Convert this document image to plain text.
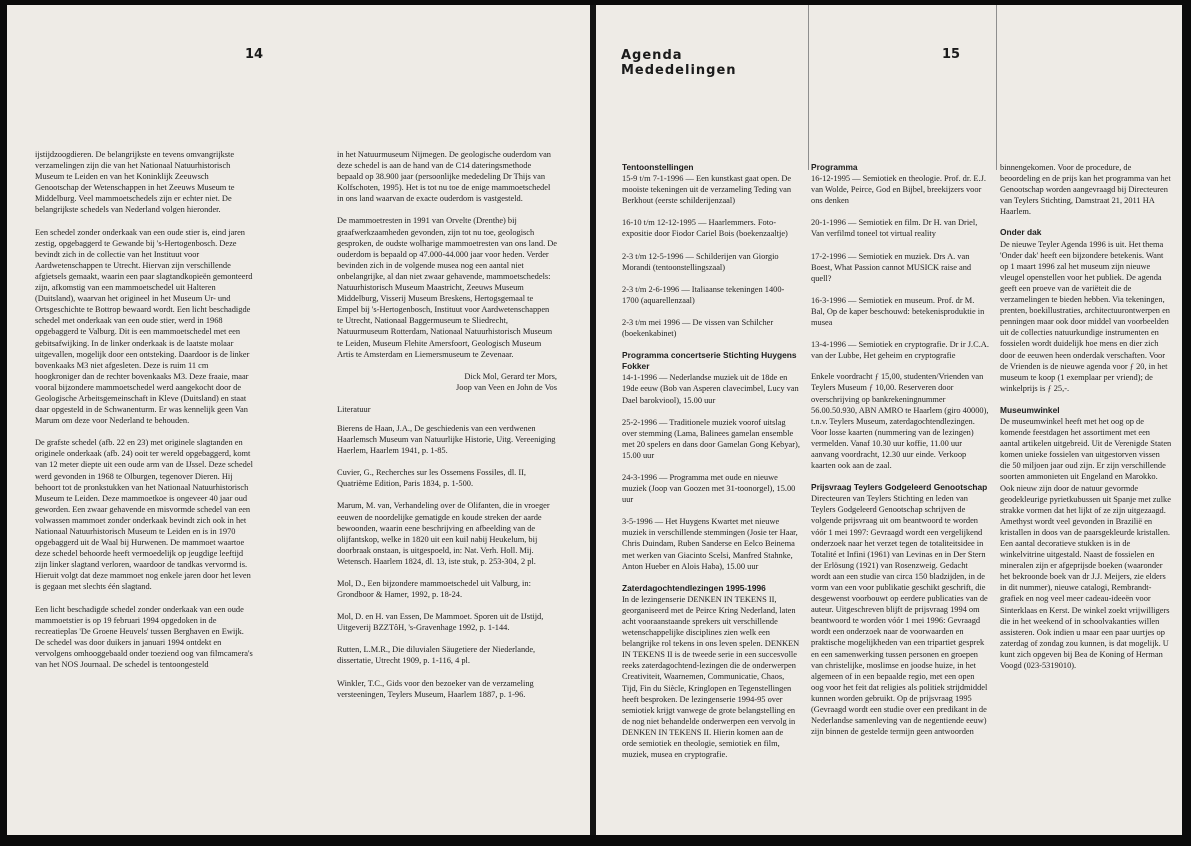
14

ijstijdzoogdieren. De belangrijkste en tevens omvangrijkste verzamelingen zijn die van het Nationaal Natuurhistorisch Museum te Leiden en van het Koninklijk Zeeuwsch Genootschap der Wetenschappen in het Zeeuws Museum te Middelburg. Veel mammoetschedels zijn er echter niet. De belangrijkste schedels van Nederland volgen hieronder.

Een schedel zonder onderkaak van een oude stier is, eind jaren zestig, opgebaggerd te Gewande bij 's-Hertogenbosch. Deze bevindt zich in de collectie van het Instituut voor Aardwetenschappen te Utrecht. Hiervan zijn verschillende afgietsels gemaakt, waarin een paar slagtandkopieën gemonteerd zijn, afkomstig van een mammoetschedel uit Halteren (Duitsland), waarvan het origineel in het Museum Ur- und Ortsgeschichte te Bottrop bewaard wordt. Een licht beschadigde schedel met onderkaak van een oude stier, werd in 1968 opgebaggerd te Valburg. Dit is een mammoetschedel met een gebitsafwijking. In de linker onderkaak is de laatste molaar uitgevallen, mogelijk door een ontsteking. Daardoor is de linker bovenkaaks M3 niet afgesleten. Deze is ruim 11 cm hoogkroniger dan de rechter bovenkaaks M3. Deze fraaie, maar vooral bijzondere mammoetschedel werd aangekocht door de Geologische Arbeitsgemeinschaft in Kleve (Duitsland) en staat daar opgesteld in de Schwanenturm. Er was kennelijk geen Van Marum om deze voor Nederland te behouden.

De grafste schedel (afb. 22 en 23) met originele slagtanden en originele onderkaak (afb. 24) ooit ter wereld opgebaggerd, komt van 12 meter diepte uit een oude arm van de IJssel. Deze schedel werd gevonden in 1968 te Olburgen, tegenover Dieren. Hij behoort tot de pronkstukken van het Nationaal Natuurhistorisch Museum te Leiden. Deze mammoetkoe is ongeveer 40 jaar oud geworden. Een zwaar gehavende en misvormde schedel van een volwassen mammoet zonder onderkaak bevindt zich ook in het Nationaal Natuurhistorisch Museum te Leiden en is in 1970 opgebaggerd uit de Waal bij Hurwenen. De mammoet waartoe deze schedel behoorde heeft vermoedelijk op jeugdige leeftijd zijn linker slagtand verloren, waardoor de tandkas vervormd is. Hieruit volgt dat deze mammoet nog enkele jaren door het leven is gegaan met slechts één slagtand.

Een licht beschadigde schedel zonder onderkaak van een oude mammoetstier is op 19 februari 1994 opgedoken in de recreatieplas 'De Groene Heuvels' tussen Berghaven en Ewijk. De schedel was door duikers in januari 1994 ontdekt en vervolgens omhooggebaald onder toeziend oog van filmcamera's van het NOS Journaal. De schedel is tentoongesteld

in het Natuurmuseum Nijmegen. De geologische ouderdom van deze schedel is aan de hand van de C14 dateringsmethode bepaald op 38.900 jaar (persoonlijke mededeling Dr Thijs van Kolfschoten, 1995). Het is tot nu toe de enige mammoetschedel in ons land waarvan de exacte ouderdom is vastgesteld.

De mammoetresten in 1991 van Orvelte (Drenthe) bij graafwerkzaamheden gevonden, zijn tot nu toe, geologisch gesproken, de oudste wolharige mammoetresten van ons land. De ouderdom is bepaald op 47.000-44.000 jaar voor heden. Verder bevinden zich in de volgende musea nog een aantal niet onbelangrijke, al dan niet zwaar gehavende, mammoetschedels: Natuurhistorisch Museum Maastricht, Zeeuws Museum Middelburg, Visserij Museum Breskens, Hertogsgemaal te Empel bij 's-Hertogenbosch, Instituut voor Aardwetenschappen te Utrecht, Nationaal Baggermuseum te Sliedrecht, Natuurmuseum Rotterdam, Nationaal Natuurhistorisch Museum te Leiden, Museum Flehite Amersfoort, Geologisch Museum Artis te Amsterdam en Liemersmuseum te Zevenaar.

Dick Mol, Gerard ter Mors,
Joop van Veen en John de Vos

Literatuur

Bierens de Haan, J.A., De geschiedenis van een verdwenen Haarlemsch Museum van Natuurlijke Historie, Uitg. Vereeniging Haerlem, Haarlem 1941, p. 1-85.

Cuvier, G., Recherches sur les Ossemens Fossiles, dl. II, Quatrième Edition, Paris 1834, p. 1-500.

Marum, M. van, Verhandeling over de Olifanten, die in vroeger eeuwen de noordelijke gematigde en koude streken der aarde bewoonden, waarin eene beschrijving en afbeelding van de olijfantskop, welke in 1820 uit een kuil nabij Heukelum, bij doorbraak onstaan, is uitgespoeld, in: Nat. Verh. Holl. Mij. Wetensch. Haarlem 1824, dl. 13, iste stuk, p. 253-304, 2 pl.

Mol, D., Een bijzondere mammoetschedel uit Valburg, in: Grondboor & Hamer, 1992, p. 18-24.

Mol, D. en H. van Essen, De Mammoet. Sporen uit de IJstijd, Uitgeverij BZZTôH, 's-Gravenhage 1992, p. 1-144.

Rutten, L.M.R., Die diluvialen Säugetiere der Niederlande, dissertatie, Utrecht 1909, p. 1-116, 4 pl.

Winkler, T.C., Gids voor den bezoeker van de verzameling versteeningen, Teylers Museum, Haarlem 1887, p. 1-96.

Agenda
Mededelingen
15
Tentoonstellingen

15-9 t/m 7-1-1996 — Een kunstkast gaat open. De mooiste tekeningen uit de verzameling Teding van Berkhout (eerste schilderijenzaal)

16-10 t/m 12-12-1995 — Haarlemmers. Foto-expositie door Fiodor Cariel Bois (boekenzaaltje)

2-3 t/m 12-5-1996 — Schilderijen van Giorgio Morandi (tentoonstellingszaal)

2-3 t/m 2-6-1996 — Italiaanse tekeningen 1400-1700 (aquarellenzaal)

2-3 t/m mei 1996 — De vissen van Schilcher (boekenkabinet)

Programma concertserie Stichting Huygens Fokker

14-1-1996 — Nederlandse muziek uit de 18de en 19de eeuw (Bob van Asperen clavecimbel, Lucy van Dael barokviool), 15.00 uur

25-2-1996 — Traditionele muziek voorof uitslag over stemming (Lama, Balinees gamelan ensemble met 20 spelers en dans door Gamelan Gong Kebyar), 15.00 uur

24-3-1996 — Programma met oude en nieuwe muziek (Joop van Goozen met 31-toonorgel), 15.00 uur

3-5-1996 — Het Huygens Kwartet met nieuwe muziek in verschillende stemmingen (Josie ter Haar, Chris Duindam, Ruben Sanderse en Eelco Beinema met werken van Giacinto Scelsi, Manfred Stahnke, Anton Hueber en Alois Haba), 15.00 uur

Zaterdagochtendlezingen 1995-1996

In de lezingenserie DENKEN IN TEKENS II, georganiseerd met de Peirce Kring Nederland, laten acht vooraanstaande sprekers uit verschillende wetenschappelijke disciplines zien welk een belangrijke rol tekens in ons leven spelen. DENKEN IN TEKENS II is de tweede serie in een succesvolle reeks zaterdagochtend-lezingen die de onderwerpen Creativiteit, Waarnemen, Communicatie, Chaos, Tijd, Fin du Siècle, Kringlopen en Tegenstellingen heeft besproken. De lezingenserie 1994-95 over semiotiek krijgt vanwege de grote belangstelling en de nog niet behandelde onderwerpen een vervolg in DENKEN IN TEKENS II. Hierin komen aan de orde semiotiek en theologie, semiotiek en film, muziek, musea en cryptografie.

Programma

16-12-1995 — Semiotiek en theologie. Prof. dr. E.J. van Wolde, Peirce, God en Bijbel, breekijzers voor ons denken

20-1-1996 — Semiotiek en film. Dr H. van Driel, Van verfilmd toneel tot virtual reality

17-2-1996 — Semiotiek en muziek. Drs A. van Boest, What Passion cannot MUSICK raise and quell?

16-3-1996 — Semiotiek en museum. Prof. dr M. Bal, Op de kaper beschouwd: betekenisproduktie in musea

13-4-1996 — Semiotiek en cryptografie. Dr ir J.C.A. van der Lubbe, Het geheim en cryptografie

Enkele voordracht ƒ 15,00, studenten/Vrienden van Teylers Museum ƒ 10,00. Reserveren door overschrijving op bankrekeningnummer 56.00.50.930, ABN AMRO te Haarlem (giro 40000), t.n.v. Teylers Museum, zaterdagochtendlezingen. Voor losse kaarten (nummering van de lezingen) vermelden. Vanaf 10.30 uur koffie, 11.00 uur aanvang voordracht, 12.30 uur einde. Verkoop kaarten ook aan de zaal.

Prijsvraag Teylers Godgeleerd Genootschap

Directeuren van Teylers Stichting en leden van Teylers Godgeleerd Genootschap schrijven de volgende prijsvraag uit om beantwoord te worden vóór 1 mei 1997: Gevraagd wordt een vergelijkend onderzoek naar het verzet tegen de totaliteitsidee in Totalité et Infini (1961) van Levinas en in Der Stern der Erlösung (1921) van Rosenzweig. Gedacht wordt aan een studie van circa 150 bladzijden, in de vorm van een voor publikatie geschikt geschrift, die desgewenst voorbouwt op eerdere publicaties van de auteur. Uitgeschreven blijft de prijsvraag 1994 om beantwoord te worden vóór 1 mei 1996: Gevraagd wordt een onderzoek naar de voorwaarden en praktische mogelijkheden van een tripartiet gesprek en een samenwerking tussen personen en groepen van christelijke, moslimse en joodse huize, in het algemeen of in een bepaalde regio, met een open oog voor het feit dat religies als politiek strijdmiddel kunnen worden gebruikt. Op de prijsvraag 1995 (Gevraagd wordt een studie over een predikant in de Nederlandse samenleving van de negentiende eeuw) zijn binnen de gestelde termijn geen antwoorden

binnengekomen. Voor de procedure, de beoordeling en de prijs kan het programma van het Genootschap worden aangevraagd bij Directeuren van Teylers Stichting, Damstraat 21, 2011 HA Haarlem.

Onder dak

De nieuwe Teyler Agenda 1996 is uit. Het thema 'Onder dak' heeft een bijzondere betekenis. Want op 1 maart 1996 zal het museum zijn nieuwe vleugel openstellen voor het publiek. De agenda geeft een proeve van de variëteit die de verzamelingen te bieden hebben. Via tekeningen, prenten, boekillustraties, architectuurontwerpen en penningen maar ook door middel van voorbeelden uit de collecties natuurkundige instrumenten en fossielen wordt duidelijk hoe mens en dier zich door de eeuwen heen onderdak verschaften. Voor de Vrienden is de nieuwe agenda voor ƒ 20, in het museum te koop (1 exemplaar per vriend); de winkelprijs is ƒ 25,-.

Museumwinkel

De museumwinkel heeft met het oog op de komende feestdagen het assortiment met een aantal artikelen uitgebreid. Uit de Verenigde Staten komen unieke fossielen van uitgestorven vissen die 50 miljoen jaar oud zijn. Er zijn verschillende soorten ammonieten uit Engeland en Marokko. Ook nieuw zijn door de natuur gevormde geodekleurige pyrietkubussen uit Spanje met zulke strakke vormen dat het lijkt of ze zijn uitgezaagd. Amethyst wordt veel gevonden in Brazilië en kristallen in doos van de paarsgekleurde kristallen. Een aantal decoratieve stukken is in de winkelvitrine uitgestald. Naast de fossielen en mineralen zijn er afgeprijsde boeken (waaronder het bekroonde boek van dr J.J. Meijers, zie elders in dit nummer), nieuwe catalogi, Rembrandt-grafiek en nog veel meer cadeau-ideeën voor Sinterklaas en Kerst. De winkel zoekt vrijwilligers die in het weekend of in schoolvakanties willen assisteren. Ook indien u maar een paar uurtjes op zaterdag of zondag zou kunnen, is dat mogelijk. U kunt zich opgeven bij Bea de Koning of Herman Voogd (023-5319010).
